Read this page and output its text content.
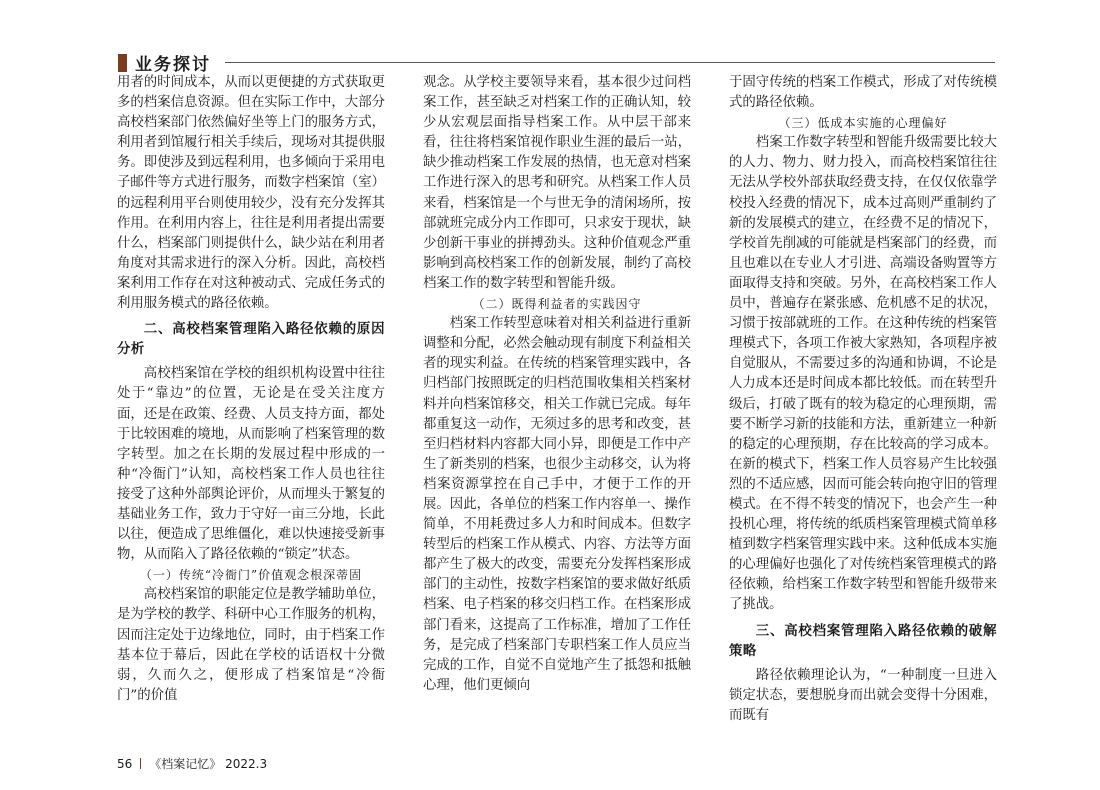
业务探讨

用者的时间成本，从而以更便捷的方式获取更多的档案信息资源。但在实际工作中，大部分高校档案部门依然偏好坐等上门的服务方式，利用者到馆履行相关手续后，现场对其提供服务。即使涉及到远程利用，也多倾向于采用电子邮件等方式进行服务，而数字档案馆（室）的远程利用平台则使用较少，没有充分发挥其作用。在利用内容上，往往是利用者提出需要什么，档案部门则提供什么，缺少站在利用者角度对其需求进行的深入分析。因此，高校档案利用工作存在对这种被动式、完成任务式的利用服务模式的路径依赖。

二、高校档案管理陷入路径依赖的原因分析

高校档案馆在学校的组织机构设置中往往处于“靠边”的位置，无论是在受关注度方面，还是在政策、经费、人员支持方面，都处于比较困难的境地，从而影响了档案管理的数字转型。加之在长期的发展过程中形成的一种“冷衙门”认知，高校档案工作人员也往往接受了这种外部舆论评价，从而埋头于繁复的基础业务工作，致力于守好一亩三分地，长此以往，便造成了思维僵化，难以快速接受新事物，从而陷入了路径依赖的“锁定”状态。

（一）传统“冷衙门”价值观念根深蒂固

高校档案馆的职能定位是教学辅助单位，是为学校的教学、科研中心工作服务的机构，因而注定处于边缘地位，同时，由于档案工作基本位于幕后，因此在学校的话语权十分微弱，久而久之，便形成了档案馆是“冷衙门”的价值

观念。从学校主要领导来看，基本很少过问档案工作，甚至缺乏对档案工作的正确认知，较少从宏观层面指导档案工作。从中层干部来看，往往将档案馆视作职业生涯的最后一站，缺少推动档案工作发展的热情，也无意对档案工作进行深入的思考和研究。从档案工作人员来看，档案馆是一个与世无争的清闲场所，按部就班完成分内工作即可，只求安于现状，缺少创新干事业的拼搏劲头。这种价值观念严重影响到高校档案工作的创新发展，制约了高校档案工作的数字转型和智能升级。

（二）既得利益者的实践因守

档案工作转型意味着对相关利益进行重新调整和分配，必然会触动现有制度下利益相关者的现实利益。在传统的档案管理实践中，各归档部门按照既定的归档范围收集相关档案材料并向档案馆移交，相关工作就已完成。每年都重复这一动作，无须过多的思考和改变，甚至归档材料内容都大同小异，即便是工作中产生了新类别的档案，也很少主动移交，认为将档案资源掌控在自己手中，才便于工作的开展。因此，各单位的档案工作内容单一、操作简单，不用耗费过多人力和时间成本。但数字转型后的档案工作从模式、内容、方法等方面都产生了极大的改变，需要充分发挥档案形成部门的主动性，按数字档案馆的要求做好纸质档案、电子档案的移交归档工作。在档案形成部门看来，这提高了工作标准，增加了工作任务，是完成了档案部门专职档案工作人员应当完成的工作，自觉不自觉地产生了抵怨和抵触心理，他们更倾向

于固守传统的档案工作模式，形成了对传统模式的路径依赖。

（三）低成本实施的心理偏好

档案工作数字转型和智能升级需要比较大的人力、物力、财力投入，而高校档案馆往往无法从学校外部获取经费支持，在仅仅依靠学校投入经费的情况下，成本过高则严重制约了新的发展模式的建立，在经费不足的情况下，学校首先削减的可能就是档案部门的经费，而且也难以在专业人才引进、高端设备购置等方面取得支持和突破。另外，在高校档案工作人员中，普遍存在紧张感、危机感不足的状况，习惯于按部就班的工作。在这种传统的档案管理模式下，各项工作被大家熟知，各项程序被自觉服从，不需要过多的沟通和协调，不论是人力成本还是时间成本都比较低。而在转型升级后，打破了既有的较为稳定的心理预期，需要不断学习新的技能和方法，重新建立一种新的稳定的心理预期，存在比较高的学习成本。在新的模式下，档案工作人员容易产生比较强烈的不适应感，因而可能会转向抱守旧的管理模式。在不得不转变的情况下，也会产生一种投机心理，将传统的纸质档案管理模式简单移植到数字档案管理实践中来。这种低成本实施的心理偏好也强化了对传统档案管理模式的路径依赖，给档案工作数字转型和智能升级带来了挑战。

三、高校档案管理陷入路径依赖的破解策略

路径依赖理论认为，“一种制度一旦进入锁定状态，要想脱身而出就会变得十分困难，而既有

56 《档案记忆》 2022.3
